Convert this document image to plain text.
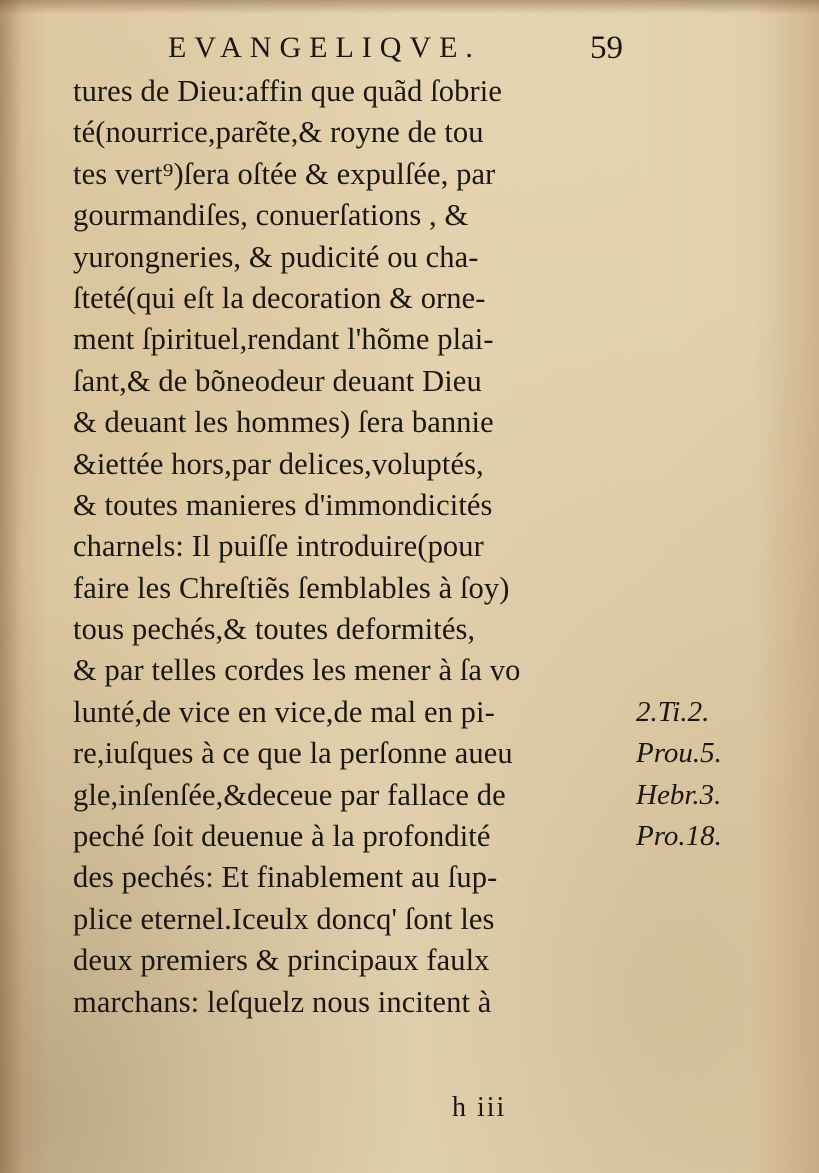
EVANGELIQVE.	59
tures de Dieu:affin que quãd ſobrie
té(nourrice,parẽte,& royne de tou
tes vert⁹)ſera oſtée & expulſée, par
gourmandiſes, conuerſations , &
yurongneries, & pudicité ou cha-
ſteté(qui eſt la decoration & orne-
ment ſpirituel,rendant l'hõme plai-
ſant,& de bõneodeur deuant Dieu
& deuant les hommes) ſera bannie
&iettée hors,par delices,voluptés,
& toutes manieres d'immondicités
charnels: Il puiſſe introduire(pour
faire les Chreſtiẽs ſemblables à ſoy)
tous pechés,& toutes deformités,
& par telles cordes les mener à ſa vo
lunté,de vice en vice,de mal en pi-
re,iuſques à ce que la perſonne aueu
gle,inſenſée,&deceue par fallace de
peché ſoit deuenue à la profondité
des pechés: Et finablement au ſup-
plice eternel.Iceulx doncq' ſont les
deux premiers & principaux faulx
marchans: leſquelz nous incitent à
2.Ti.2.
Prou.5.
Hebr.3.
Pro.18.
h iii
